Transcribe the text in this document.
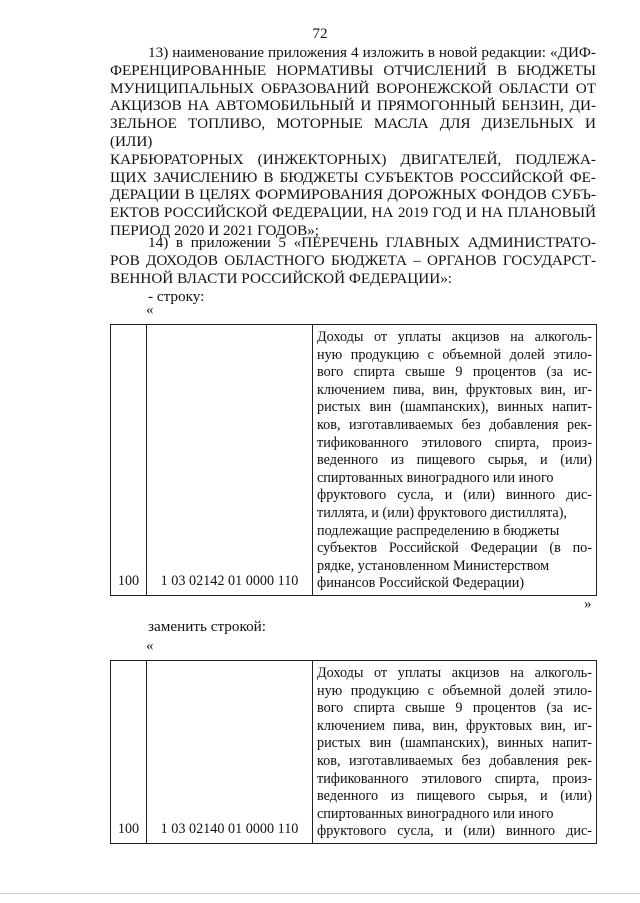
72
13) наименование приложения 4 изложить в новой редакции: «ДИФ-
ФЕРЕНЦИРОВАННЫЕ НОРМАТИВЫ ОТЧИСЛЕНИЙ В БЮДЖЕТЫ
МУНИЦИПАЛЬНЫХ ОБРАЗОВАНИЙ ВОРОНЕЖСКОЙ ОБЛАСТИ ОТ
АКЦИЗОВ НА АВТОМОБИЛЬНЫЙ И ПРЯМОГОННЫЙ БЕНЗИН, ДИ-
ЗЕЛЬНОЕ ТОПЛИВО, МОТОРНЫЕ МАСЛА ДЛЯ ДИЗЕЛЬНЫХ И (ИЛИ)
КАРБЮРАТОРНЫХ (ИНЖЕКТОРНЫХ) ДВИГАТЕЛЕЙ, ПОДЛЕЖА-
ЩИХ ЗАЧИСЛЕНИЮ В БЮДЖЕТЫ СУБЪЕКТОВ РОССИЙСКОЙ ФЕ-
ДЕРАЦИИ В ЦЕЛЯХ ФОРМИРОВАНИЯ ДОРОЖНЫХ ФОНДОВ СУБЪ-
ЕКТОВ РОССИЙСКОЙ ФЕДЕРАЦИИ, НА 2019 ГОД И НА ПЛАНОВЫЙ
ПЕРИОД 2020 И 2021 ГОДОВ»;
14) в приложении 5 «ПЕРЕЧЕНЬ ГЛАВНЫХ АДМИНИСТРАТО-
РОВ ДОХОДОВ ОБЛАСТНОГО БЮДЖЕТА – ОРГАНОВ ГОСУДАРСТ-
ВЕННОЙ ВЛАСТИ РОССИЙСКОЙ ФЕДЕРАЦИИ»:
- строку:
«
100	1 03 02142 01 0000 110	
Доходы от уплаты акцизов на алкоголь-
ную продукцию с объемной долей этило-
вого спирта свыше 9 процентов (за ис-
ключением пива, вин, фруктовых вин, иг-
ристых вин (шампанских), винных напит-
ков, изготавливаемых без добавления рек-
тификованного этилового спирта, произ-
веденного из пищевого сырья, и (или)
спиртованных виноградного или иного
фруктового сусла, и (или) винного дис-
тиллята, и (или) фруктового дистиллята),
подлежащие распределению в бюджеты
субъектов Российской Федерации (в по-
рядке, установленном Министерством
финансов Российской Федерации)
»
заменить строкой:
«
100	1 03 02140 01 0000 110	
Доходы от уплаты акцизов на алкоголь-
ную продукцию с объемной долей этило-
вого спирта свыше 9 процентов (за ис-
ключением пива, вин, фруктовых вин, иг-
ристых вин (шампанских), винных напит-
ков, изготавливаемых без добавления рек-
тификованного этилового спирта, произ-
веденного из пищевого сырья, и (или)
спиртованных виноградного или иного
фруктового сусла, и (или) винного дис-
